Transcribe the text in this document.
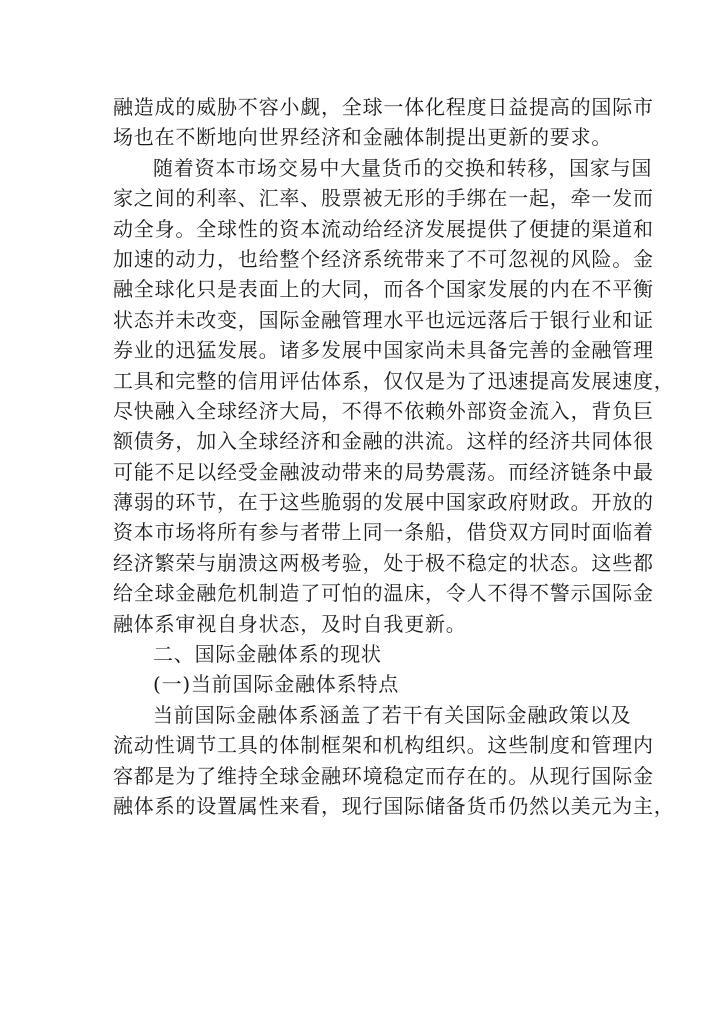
融造成的威胁不容小觑，全球一体化程度日益提高的国际市
场也在不断地向世界经济和金融体制提出更新的要求。
随着资本市场交易中大量货币的交换和转移，国家与国
家之间的利率、汇率、股票被无形的手绑在一起，牵一发而
动全身。全球性的资本流动给经济发展提供了便捷的渠道和
加速的动力，也给整个经济系统带来了不可忽视的风险。金
融全球化只是表面上的大同，而各个国家发展的内在不平衡
状态并未改变，国际金融管理水平也远远落后于银行业和证
券业的迅猛发展。诸多发展中国家尚未具备完善的金融管理
工具和完整的信用评估体系，仅仅是为了迅速提高发展速度，
尽快融入全球经济大局，不得不依赖外部资金流入，背负巨
额债务，加入全球经济和金融的洪流。这样的经济共同体很
可能不足以经受金融波动带来的局势震荡。而经济链条中最
薄弱的环节，在于这些脆弱的发展中国家政府财政。开放的
资本市场将所有参与者带上同一条船，借贷双方同时面临着
经济繁荣与崩溃这两极考验，处于极不稳定的状态。这些都
给全球金融危机制造了可怕的温床，令人不得不警示国际金
融体系审视自身状态，及时自我更新。
二、国际金融体系的现状
(一)当前国际金融体系特点
当前国际金融体系涵盖了若干有关国际金融政策以及
流动性调节工具的体制框架和机构组织。这些制度和管理内
容都是为了维持全球金融环境稳定而存在的。从现行国际金
融体系的设置属性来看，现行国际储备货币仍然以美元为主，
